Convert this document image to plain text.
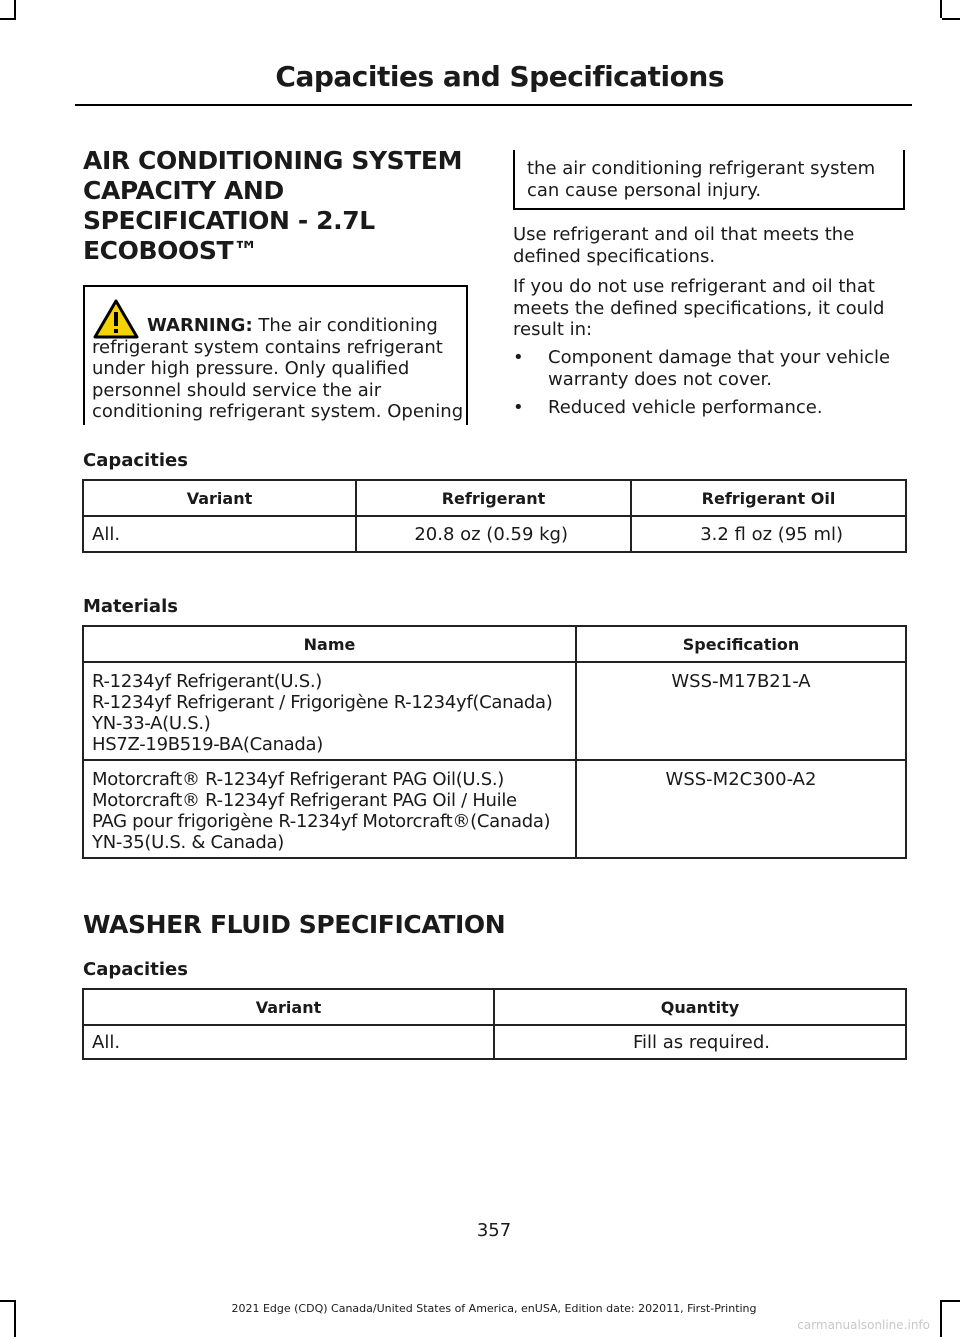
Capacities and Specifications
AIR CONDITIONING SYSTEM
CAPACITY AND
SPECIFICATION - 2.7L
ECOBOOST™
WARNING: The air conditioning refrigerant system contains refrigerant under high pressure. Only qualified personnel should service the air conditioning refrigerant system. Opening
the air conditioning refrigerant system can cause personal injury.
Use refrigerant and oil that meets the defined specifications.
If you do not use refrigerant and oil that meets the defined specifications, it could result in:
• Component damage that your vehicle warranty does not cover.
• Reduced vehicle performance.
Capacities
Variant	Refrigerant	Refrigerant Oil
All.	20.8 oz (0.59 kg)	3.2 fl oz (95 ml)
Materials
Name	Specification

R-1234yf Refrigerant(U.S.)
R-1234yf Refrigerant / Frigorigène R-1234yf(Canada)
YN-33-A(U.S.)
HS7Z-19B519-BA(Canada)	WSS-M17B21-A

Motorcraft® R-1234yf Refrigerant PAG Oil(U.S.)
Motorcraft® R-1234yf Refrigerant PAG Oil / Huile
PAG pour frigorigène R-1234yf Motorcraft®(Canada)
YN-35(U.S. & Canada)	WSS-M2C300-A2
WASHER FLUID SPECIFICATION
Capacities
Variant	Quantity
All.	Fill as required.
357
2021 Edge (CDQ) Canada/United States of America, enUSA, Edition date: 202011, First-Printing
carmanualsonline.info
